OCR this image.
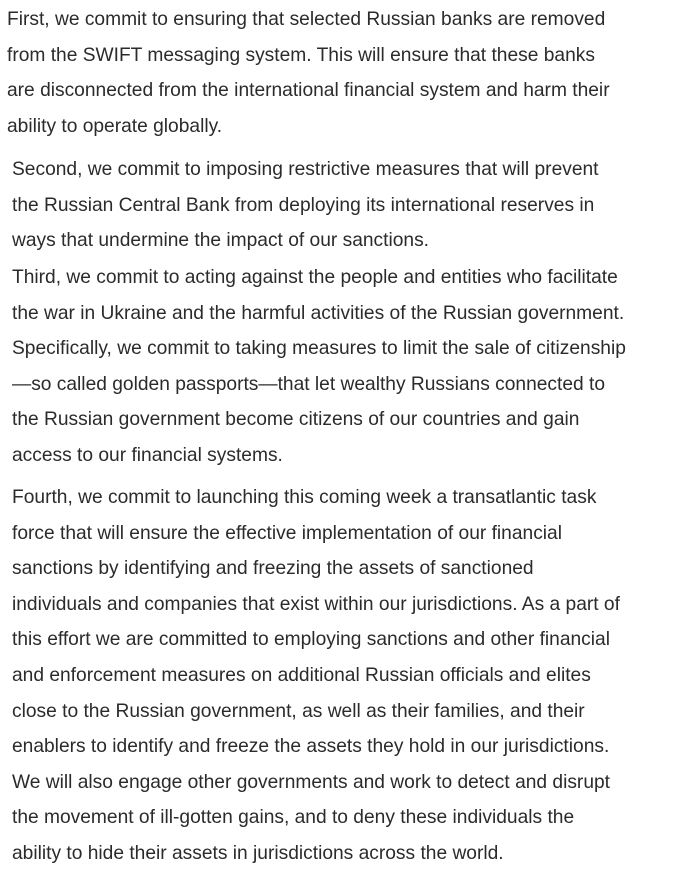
First, we commit to ensuring that selected Russian banks are removed
from the SWIFT messaging system. This will ensure that these banks
are disconnected from the international financial system and harm their
ability to operate globally.

Second, we commit to imposing restrictive measures that will prevent
the Russian Central Bank from deploying its international reserves in
ways that undermine the impact of our sanctions.

Third, we commit to acting against the people and entities who facilitate
the war in Ukraine and the harmful activities of the Russian government.
Specifically, we commit to taking measures to limit the sale of citizenship
—so called golden passports—that let wealthy Russians connected to
the Russian government become citizens of our countries and gain
access to our financial systems.

Fourth, we commit to launching this coming week a transatlantic task
force that will ensure the effective implementation of our financial
sanctions by identifying and freezing the assets of sanctioned
individuals and companies that exist within our jurisdictions. As a part of
this effort we are committed to employing sanctions and other financial
and enforcement measures on additional Russian officials and elites
close to the Russian government, as well as their families, and their
enablers to identify and freeze the assets they hold in our jurisdictions.
We will also engage other governments and work to detect and disrupt
the movement of ill-gotten gains, and to deny these individuals the
ability to hide their assets in jurisdictions across the world.
